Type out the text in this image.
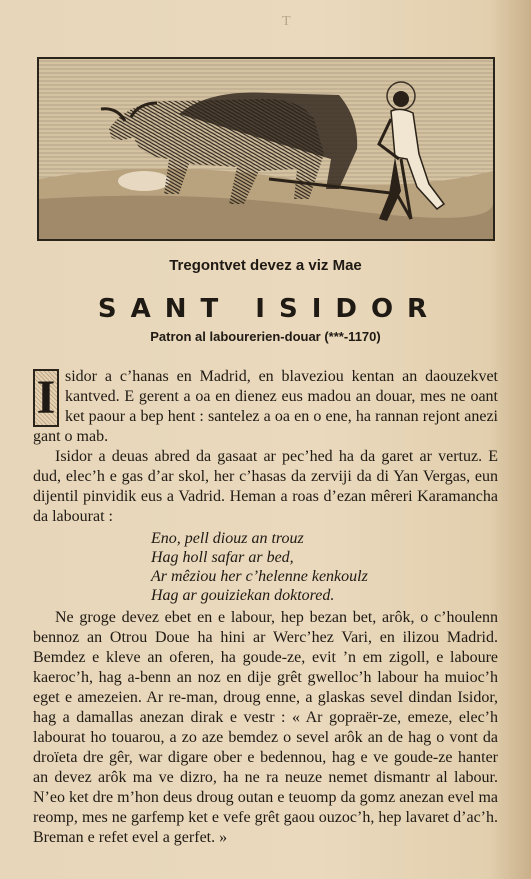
T
Tregontvet devez a viz Mae
SANT ISIDOR
Patron al labourerien-douar (***-1170)

I sidor a c’hanas en Madrid, en blaveziou kentan an daouzekvet kantved. E gerent a oa en dienez eus madou an douar, mes ne oant ket paour a bep hent : santelez a oa en o ene, ha rannan rejont anezi gant o mab.

Isidor a deuas abred da gasaat ar pec’hed ha da garet ar vertuz. E dud, elec’h e gas d’ar skol, her c’hasas da zerviji da di Yan Vergas, eun dijentil pinvidik eus a Vadrid. Heman a roas d’ezan mêreri Karamancha da labourat :

Eno, pell diouz an trouz
Hag holl safar ar bed,
Ar mêziou her c’helenne kenkoulz
Hag ar gouiziekan doktored.

Ne groge devez ebet en e labour, hep bezan bet, arôk, o c’houlenn bennoz an Otrou Doue ha hini ar Werc’hez Vari, en ilizou Madrid. Bemdez e kleve an oferen, ha goude-ze, evit ’n em zigoll, e laboure kaeroc’h, hag a-benn an noz en dije grêt gwelloc’h labour ha muioc’h eget e amezeien. Ar re-man, droug enne, a glaskas sevel dindan Isidor, hag a damallas anezan dirak e vestr : « Ar gopraër-ze, emeze, elec’h labourat ho touarou, a zo aze bemdez o sevel arôk an de hag o vont da droïeta dre gêr, war digare ober e bedennou, hag e ve goude-ze hanter an devez arôk ma ve dizro, ha ne ra neuze nemet dismantr al labour. N’eo ket dre m’hon deus droug outan e teuomp da gomz anezan evel ma reomp, mes ne garfemp ket e vefe grêt gaou ouzoc’h, hep lavaret d’ac’h. Breman e refet evel a gerfet. »
